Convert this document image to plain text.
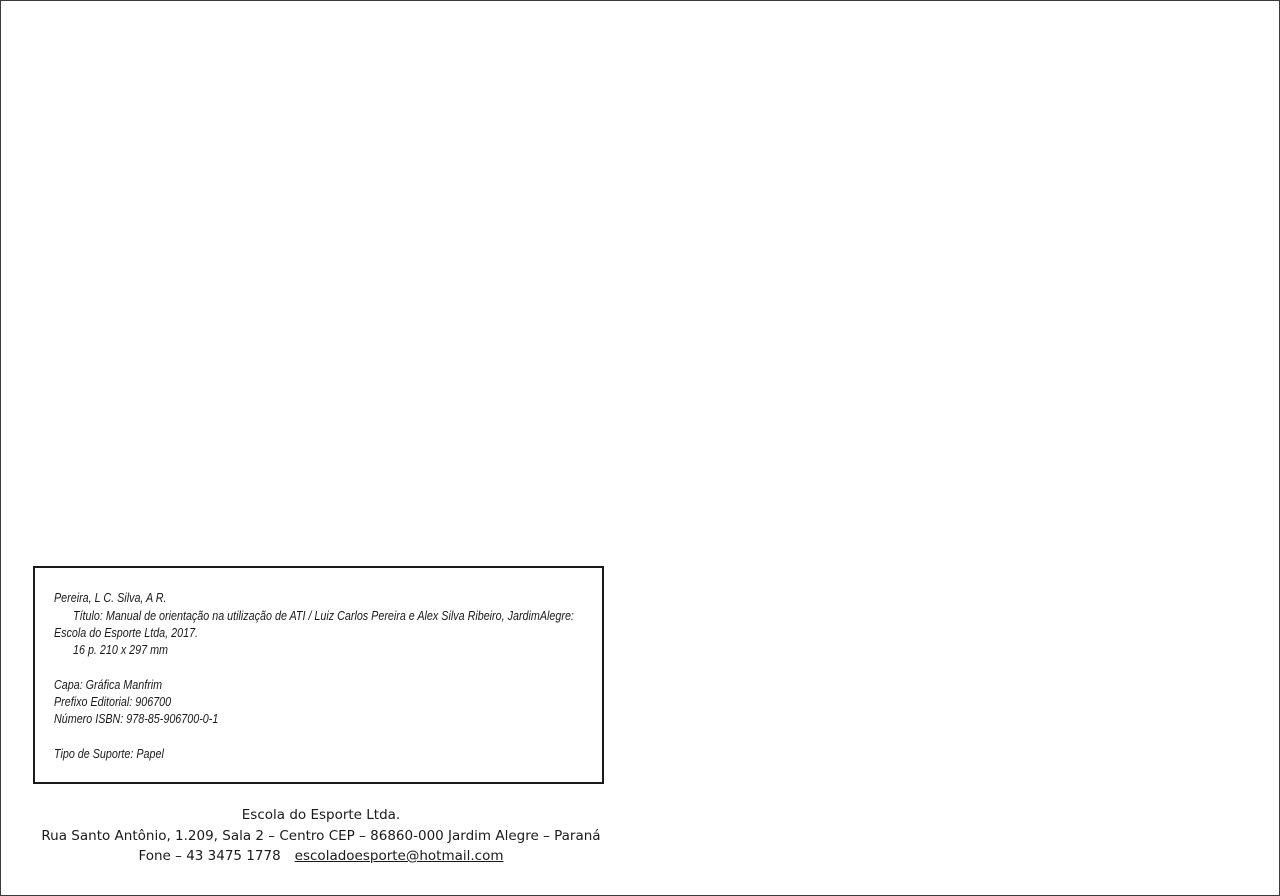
Pereira, L C. Silva, A R.
Título: Manual de orientação na utilização de ATI / Luiz Carlos Pereira e Alex Silva Ribeiro, JardimAlegre:
Escola do Esporte Ltda, 2017.
16 p. 210 x 297 mm
Capa: Gráfica Manfrim
Prefixo Editorial: 906700
Número ISBN: 978-85-906700-0-1
Tipo de Suporte: Papel
Escola do Esporte Ltda.
Rua Santo Antônio, 1.209, Sala 2 – Centro CEP – 86860-000 Jardim Alegre – Paraná
Fone – 43 3475 1778 escoladoesporte@hotmail.com
